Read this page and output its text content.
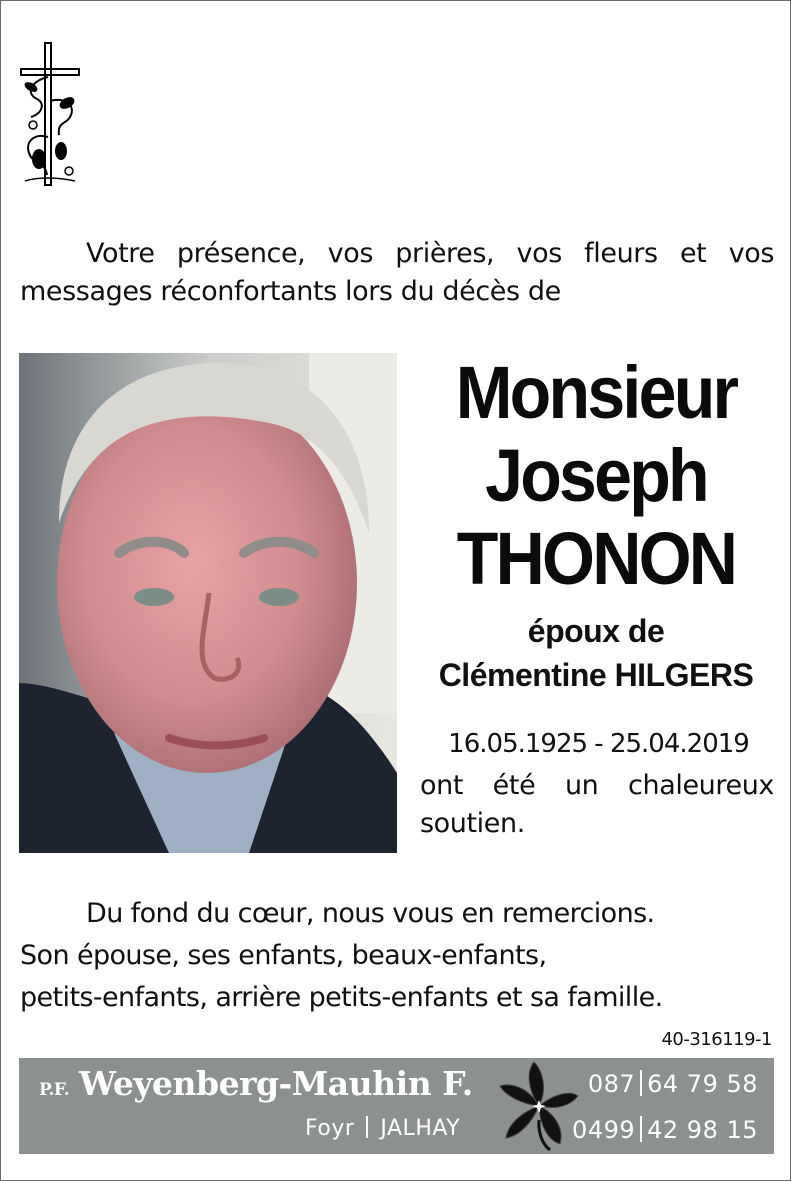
Votre présence, vos prières, vos fleurs et vos
messages réconfortants lors du décès de
Monsieur
Joseph
THONON
époux de
Clémentine HILGERS
16.05.1925 - 25.04.2019
ont été un chaleureux
soutien.
Du fond du cœur, nous vous en remercions.
Son épouse, ses enfants, beaux-enfants,
petits-enfants, arrière petits-enfants et sa famille.
40-316119-1
P.F. Weyenberg-Mauhin F.
Foyr JALHAY
087 64 79 58
0499 42 98 15
